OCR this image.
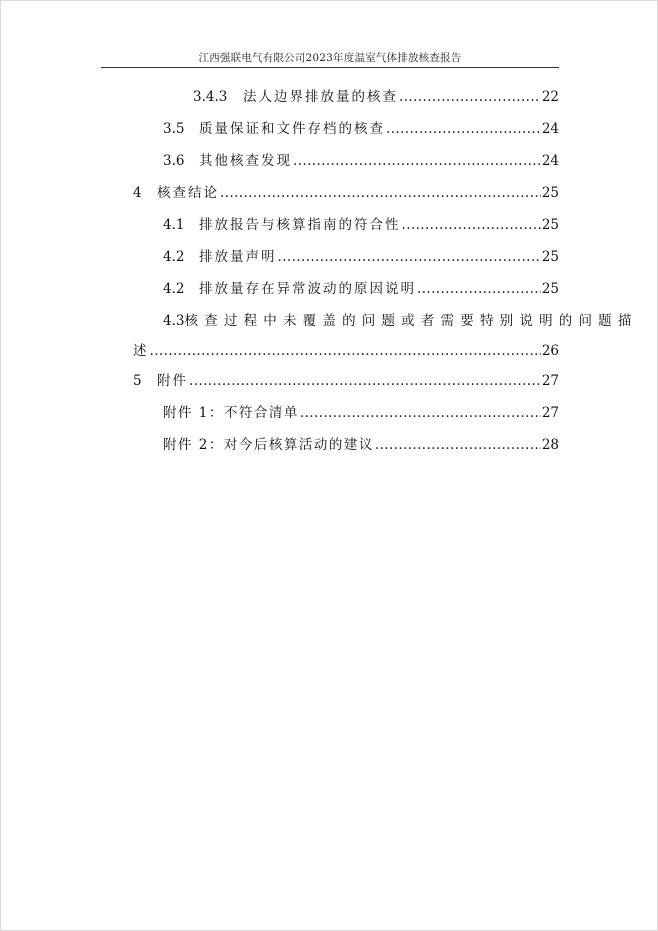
江西强联电气有限公司2023年度温室气体排放核查报告
3.4.3	法人边界排放量的核查 .....	22
3.5	质量保证和文件存档的核查 .....	24
3.6	其他核查发现 .....	24
4	核查结论 .....	25
4.1	排放报告与核算指南的符合性 .....	25
4.2	排放量声明 .....	25
4.2	排放量存在异常波动的原因说明 .....	25
4.3 核查过程中未覆盖的问题或者需要特别说明的问题描
述 .....	26
5	附件 .....	27
附件 1：不符合清单 .....	27
附件 2：对今后核算活动的建议 .....	28
